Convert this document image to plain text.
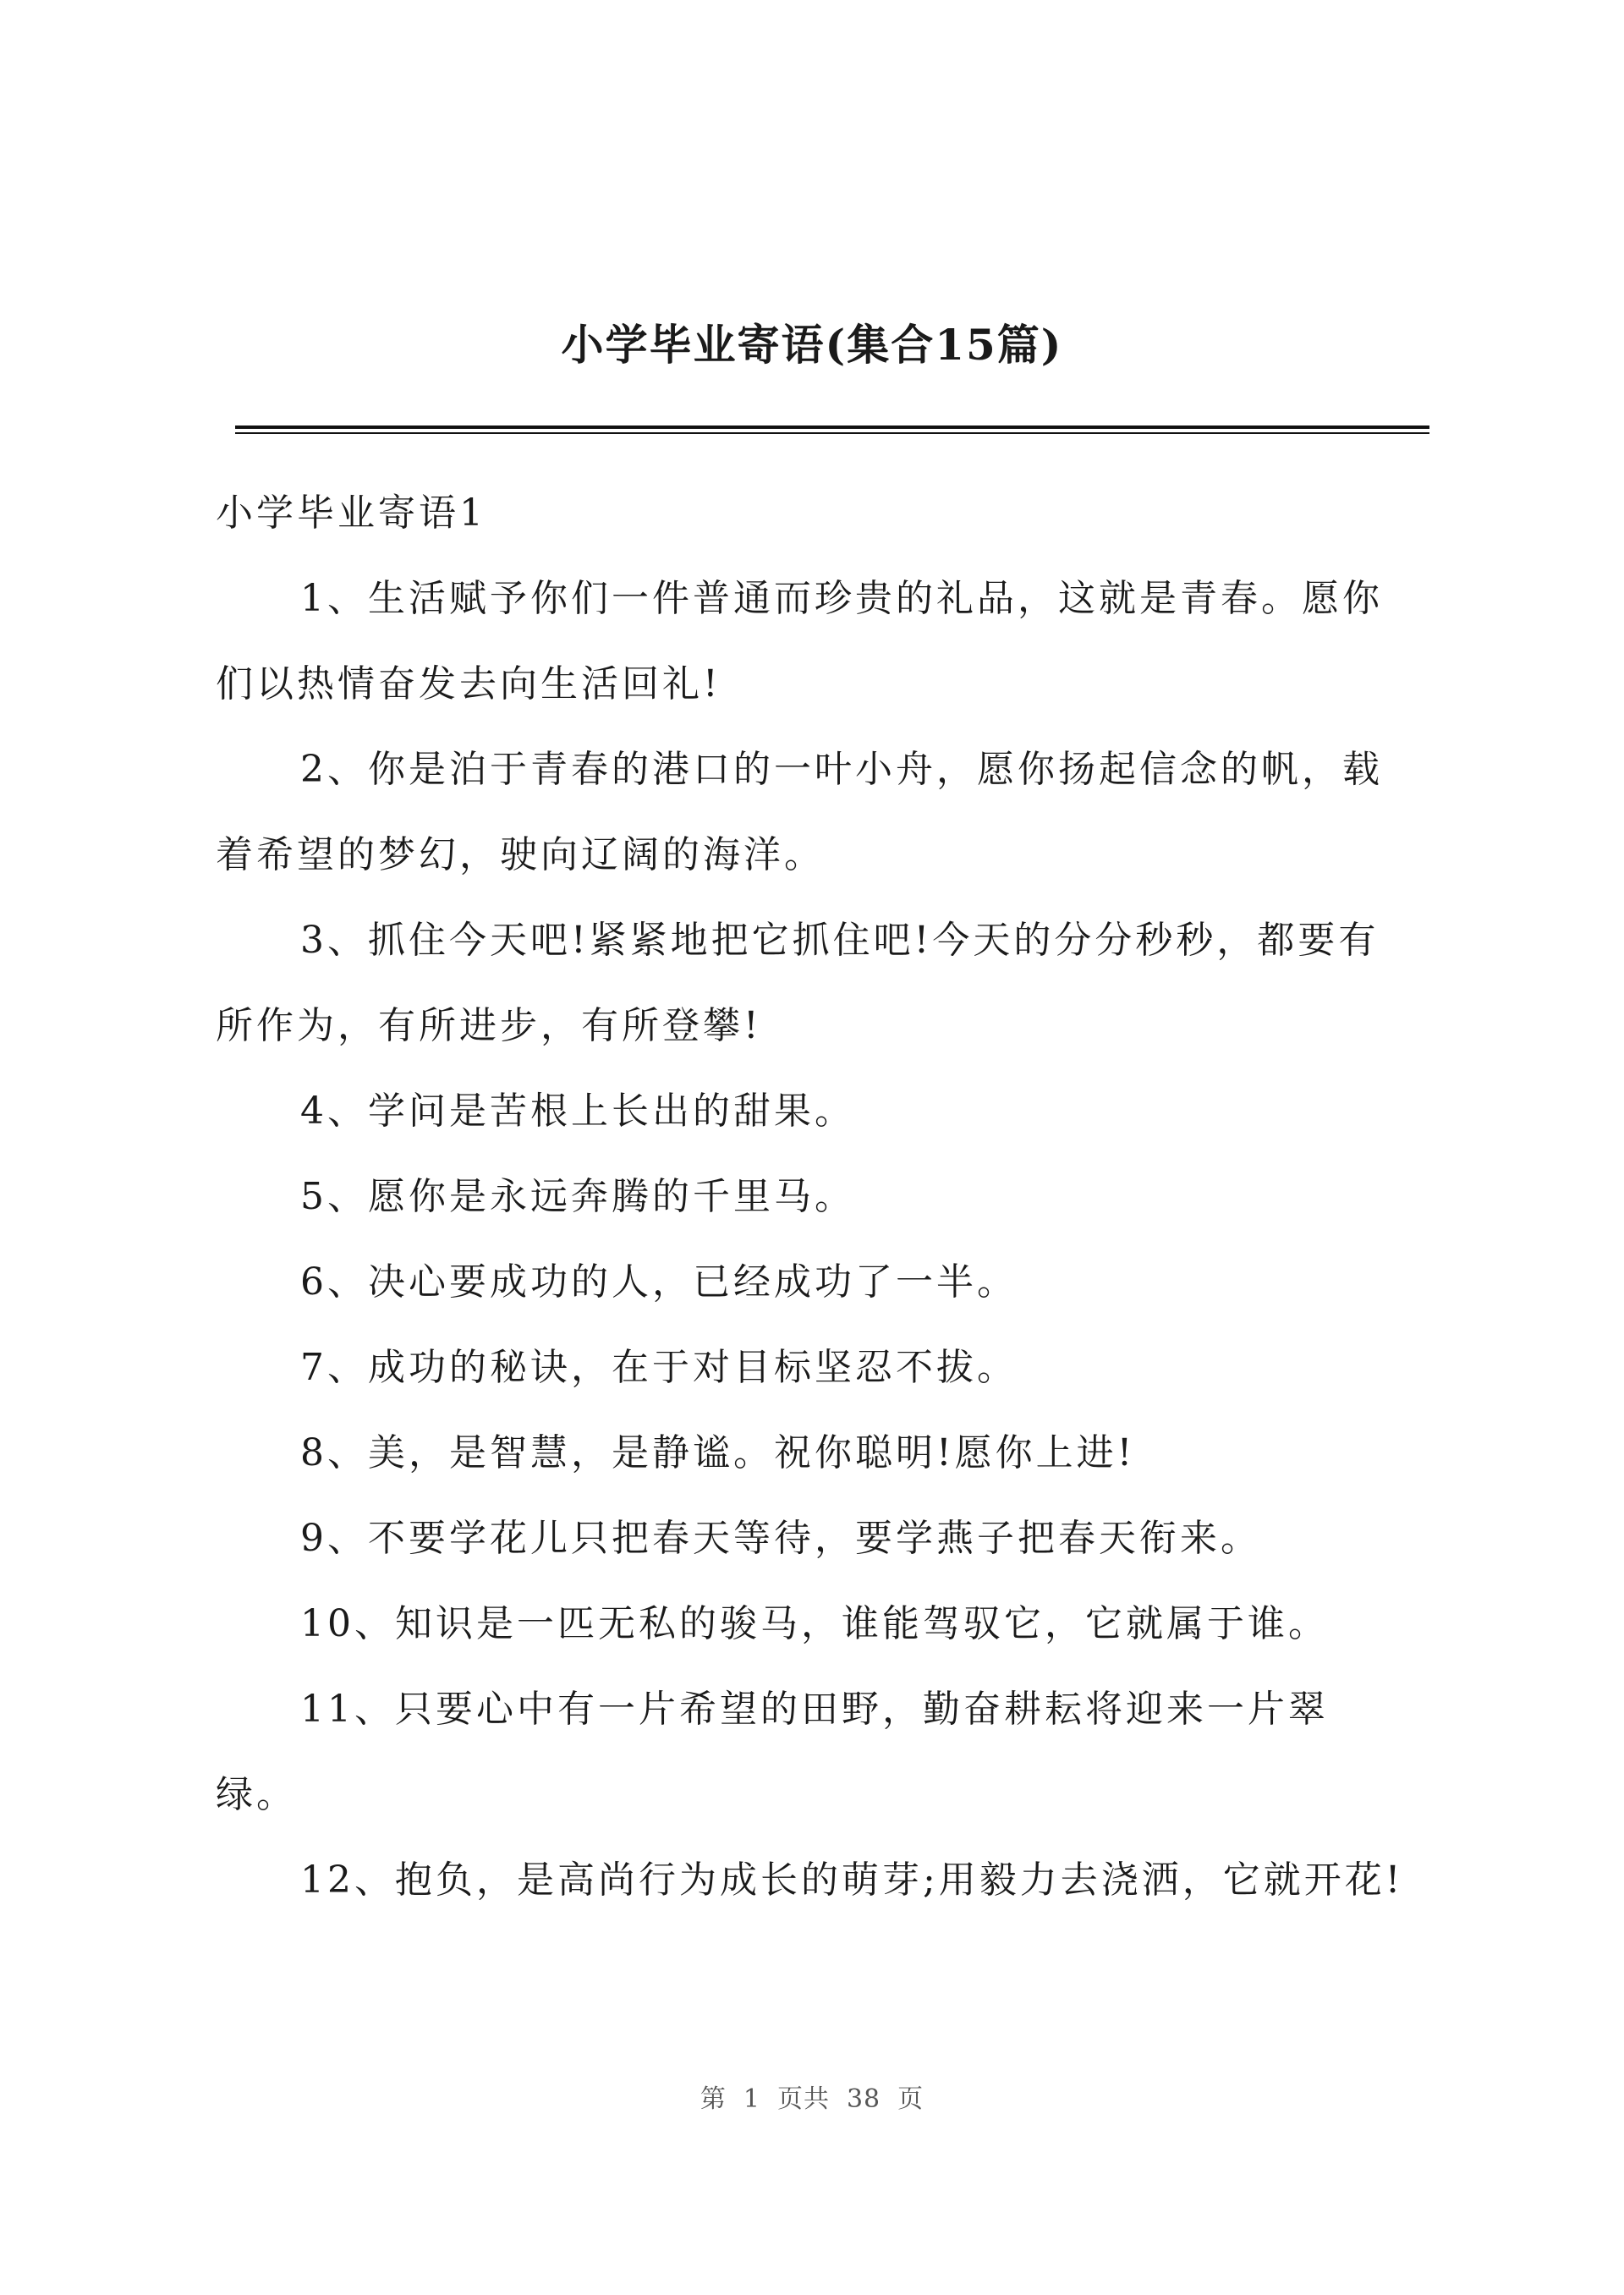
小学毕业寄语(集合15篇)

小学毕业寄语1

1、生活赋予你们一件普通而珍贵的礼品，这就是青春。愿你们以热情奋发去向生活回礼!

2、你是泊于青春的港口的一叶小舟，愿你扬起信念的帆，载着希望的梦幻，驶向辽阔的海洋。

3、抓住今天吧!紧紧地把它抓住吧!今天的分分秒秒，都要有所作为，有所进步，有所登攀!

4、学问是苦根上长出的甜果。

5、愿你是永远奔腾的千里马。

6、决心要成功的人，已经成功了一半。

7、成功的秘诀，在于对目标坚忍不拔。

8、美，是智慧，是静谧。祝你聪明!愿你上进!

9、不要学花儿只把春天等待，要学燕子把春天衔来。

10、知识是一匹无私的骏马，谁能驾驭它，它就属于谁。

11、只要心中有一片希望的田野，勤奋耕耘将迎来一片翠绿。

12、抱负，是高尚行为成长的萌芽;用毅力去浇洒，它就开花!

第 1 页共 38 页
